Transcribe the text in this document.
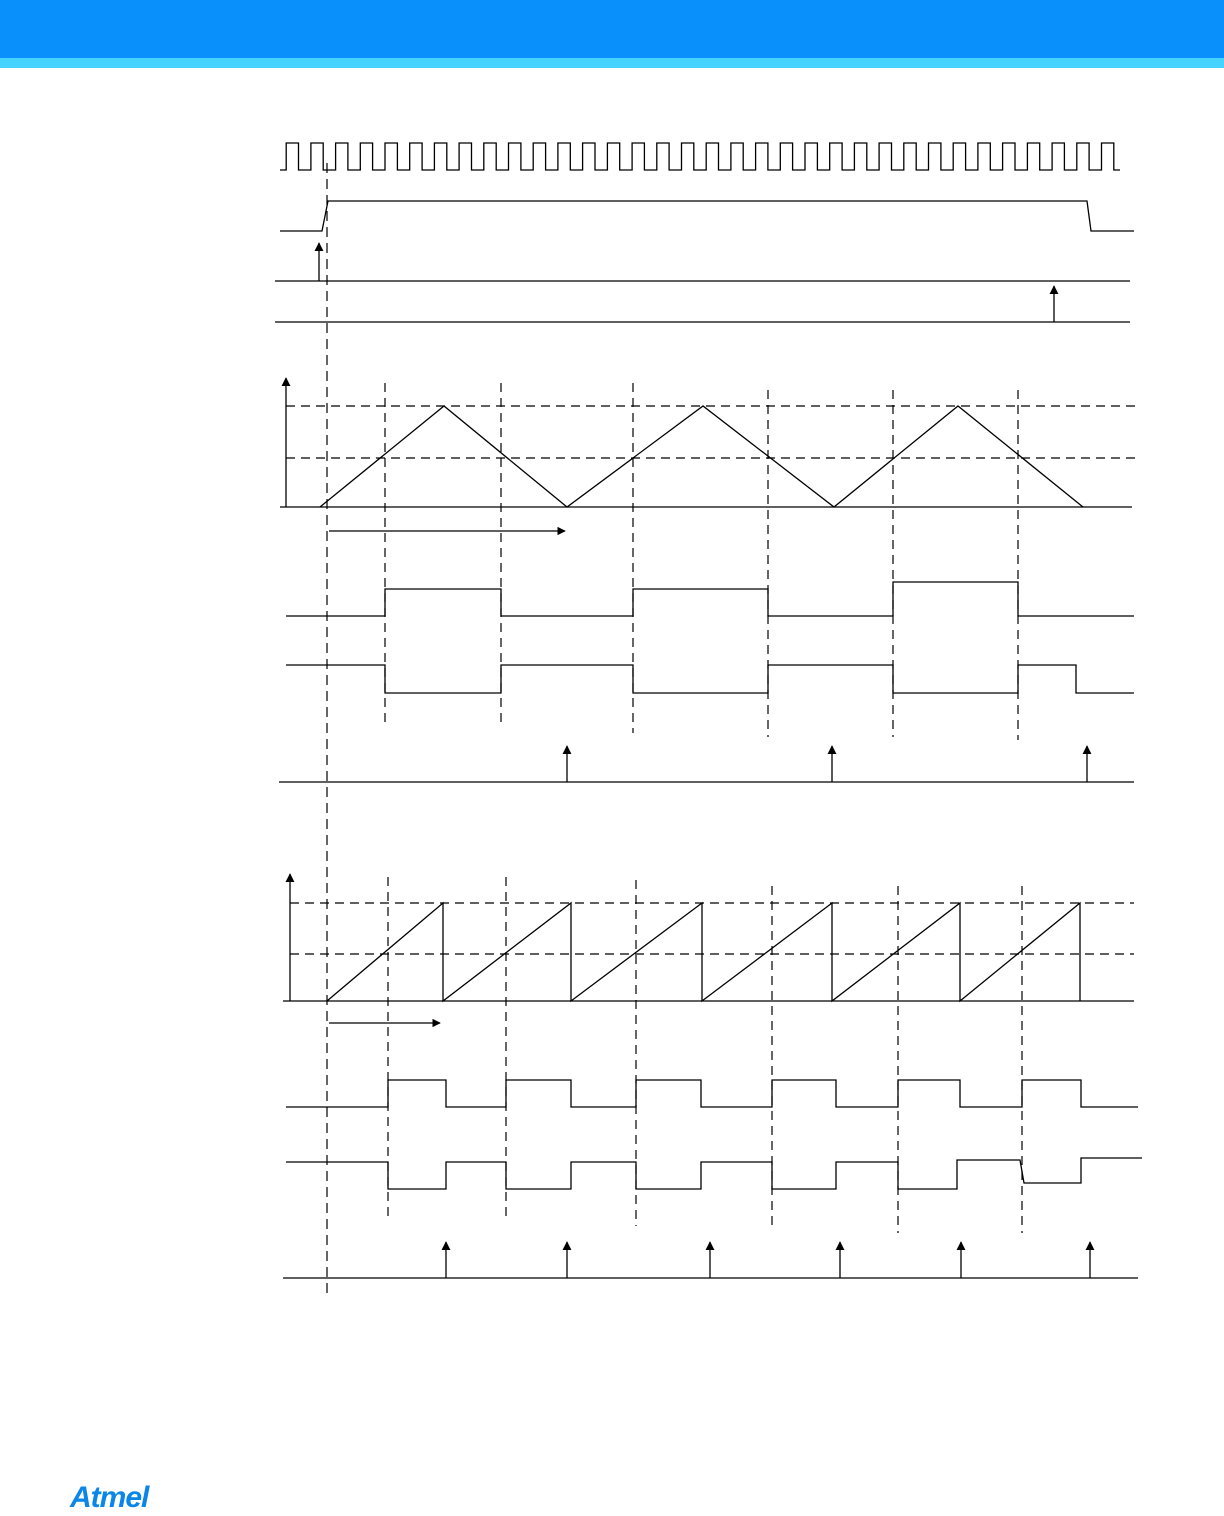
Atmel
